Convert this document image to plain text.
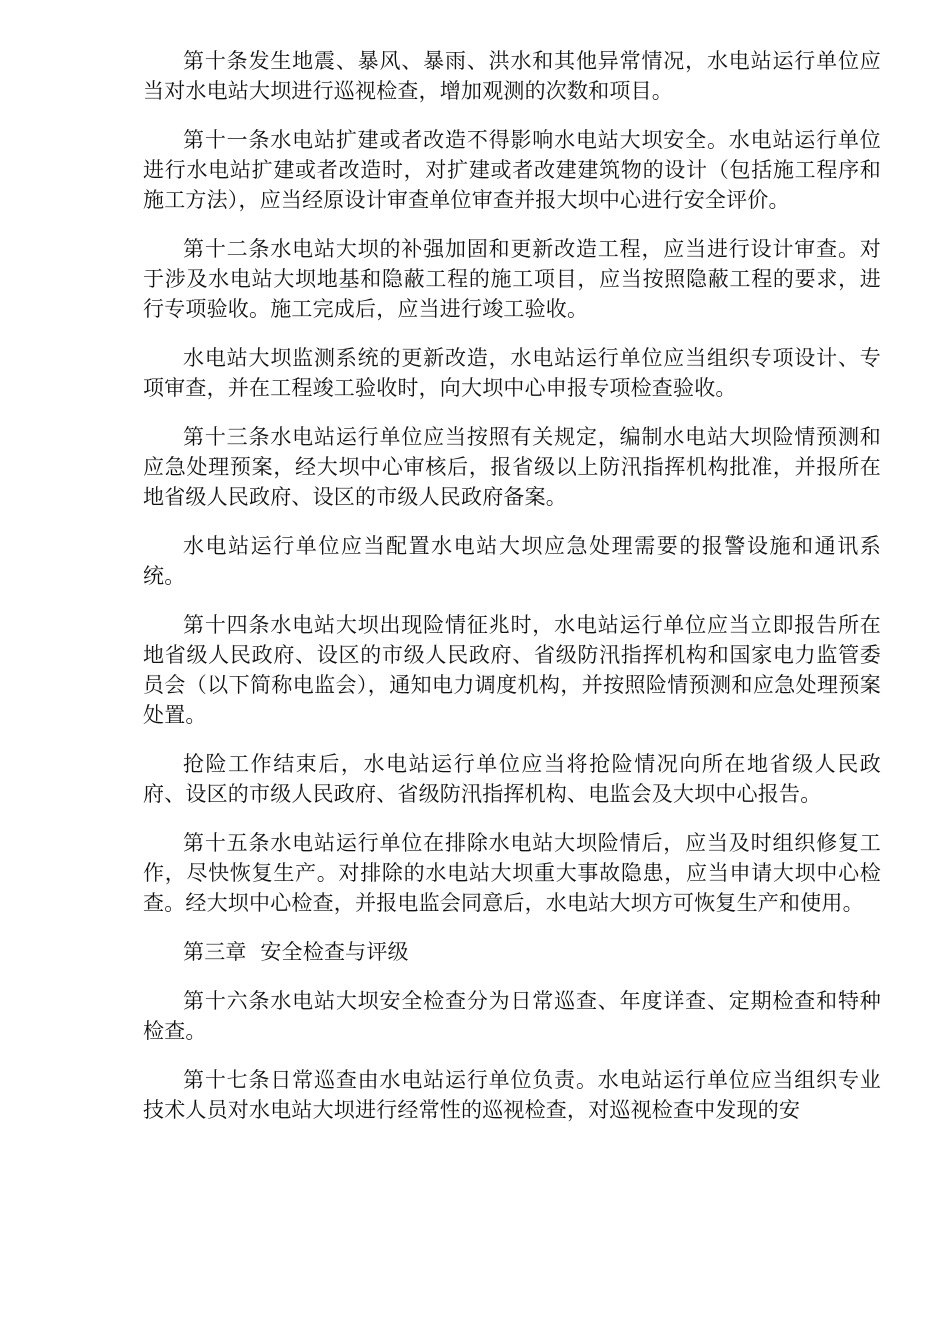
第十条发生地震、暴风、暴雨、洪水和其他异常情况，水电站运行单位应当对水电站大坝进行巡视检查，增加观测的次数和项目。

第十一条水电站扩建或者改造不得影响水电站大坝安全。水电站运行单位进行水电站扩建或者改造时，对扩建或者改建建筑物的设计（包括施工程序和施工方法），应当经原设计审查单位审查并报大坝中心进行安全评价。

第十二条水电站大坝的补强加固和更新改造工程，应当进行设计审查。对于涉及水电站大坝地基和隐蔽工程的施工项目，应当按照隐蔽工程的要求，进行专项验收。施工完成后，应当进行竣工验收。

水电站大坝监测系统的更新改造，水电站运行单位应当组织专项设计、专项审查，并在工程竣工验收时，向大坝中心申报专项检查验收。

第十三条水电站运行单位应当按照有关规定，编制水电站大坝险情预测和应急处理预案，经大坝中心审核后，报省级以上防汛指挥机构批准，并报所在地省级人民政府、设区的市级人民政府备案。

水电站运行单位应当配置水电站大坝应急处理需要的报警设施和通讯系统。

第十四条水电站大坝出现险情征兆时，水电站运行单位应当立即报告所在地省级人民政府、设区的市级人民政府、省级防汛指挥机构和国家电力监管委员会（以下简称电监会），通知电力调度机构，并按照险情预测和应急处理预案处置。

抢险工作结束后，水电站运行单位应当将抢险情况向所在地省级人民政府、设区的市级人民政府、省级防汛指挥机构、电监会及大坝中心报告。

第十五条水电站运行单位在排除水电站大坝险情后，应当及时组织修复工作，尽快恢复生产。对排除的水电站大坝重大事故隐患，应当申请大坝中心检查。经大坝中心检查，并报电监会同意后，水电站大坝方可恢复生产和使用。

第三章  安全检查与评级

第十六条水电站大坝安全检查分为日常巡查、年度详查、定期检查和特种检查。

第十七条日常巡查由水电站运行单位负责。水电站运行单位应当组织专业技术人员对水电站大坝进行经常性的巡视检查，对巡视检查中发现的安
